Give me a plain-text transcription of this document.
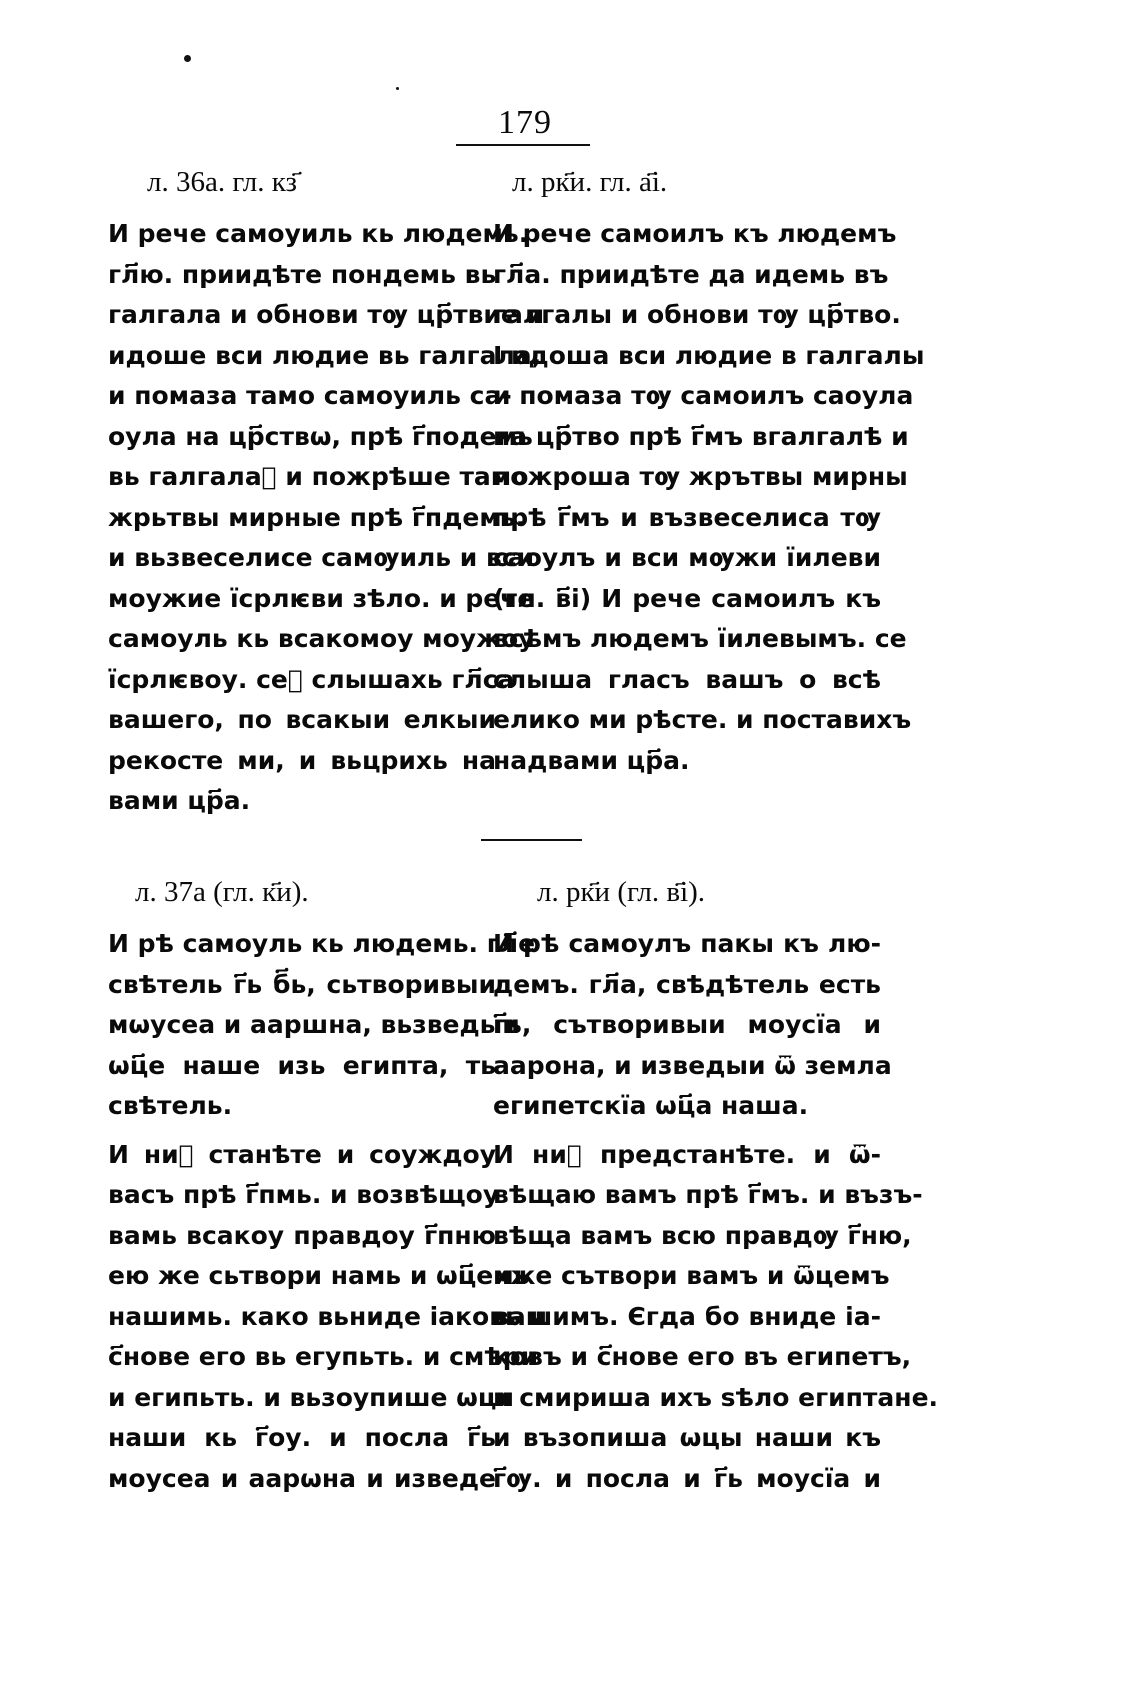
179
л. 36а. гл. кз҃	л. рк҃и. гл. а҃і.
И рече самоуиль кь людемь.
гл҃ю. приидѣте пондемь вь
галгала и обнови тѹ цр҃твие и
идоше вси людие вь галгала,
и помаза тамо самоуиль са-
оула на цр҃ствѡ, прѣ г҃подемь
вь галгалаⷯ и пожрѣше тамо
жрьтвы мирные прѣ г҃пдемь.
и вьзвеселисе самѹиль и вси
моужие їсрлѥви зѣло. и рече
самоуль кь всакомоу моужоу
їсрлѥвоу. сеⷺ слышахь гл҃са
вашего, по всакыи елкыи
рекосте ми, и вьцрихь на
вами цр҃а.
И рече самоилъ къ людемъ
гл҃а. приидѣте да идемь въ
галгалы и обнови тѹ цр҃тво.
І идоша вси людие в галгалы
и помаза тѹ самоилъ саоула
на цр҃тво прѣ г҃мъ вгалгалѣ и
пожроша тѹ жрътвы мирны
прѣ г҃мъ и възвеселиса тѹ
саоулъ и вси мѹжи їилеви
(гл. в҃і) И рече самоилъ къ
всѣмъ людемъ їилевымъ. се
слыша гласъ вашъ о всѣ
елико ми рѣсте. и поставихъ
надвами цр҃а.
л. 37а (гл. к҃и).	л. рк҃и (гл. в҃і).
И рѣ самоуль кь людемь. гл҃е
свѣтель г҃ь б҃ь, сьтворивыи
мѡусеа и ааршна, вьзведыи
ѡц҃е наше изь египта, ть
свѣтель.
И ниⷩ станѣте и соуждоу
васъ прѣ г҃пмь. и возвѣщоу
вамь всакоу правдоу г҃пню
ею же сьтвори намь и ѡц҃емь
нашимь. како вьниде іаковь и
с҃нове его вь егупьть. и смѣри
и египьть. и вьзоупише ѡци
наши кь г҃оу. и посла г҃ь
моусеа и аарѡна и изведе
И рѣ самоулъ пакы къ лю-
демъ. гл҃а, свѣдѣтель есть
г҃ь, сътворивыи моусїа и
аарона, и изведыи ѿ земла
египетскїа ѡц҃а наша.
И ниⷩ предстанѣте. и ѿ-
вѣщаю вамъ прѣ г҃мъ. и възъ-
вѣща вамъ всю правдѹ г҃ню,
иже сътвори вамъ и ѿцемъ
вашимъ. Єгда бо вниде іа-
ковъ и с҃нове его въ египетъ,
и смириша ихъ ѕѣло египтане.
и възопиша ѡцы наши къ
г҃ѹ. и посла и г҃ь моусїа и
